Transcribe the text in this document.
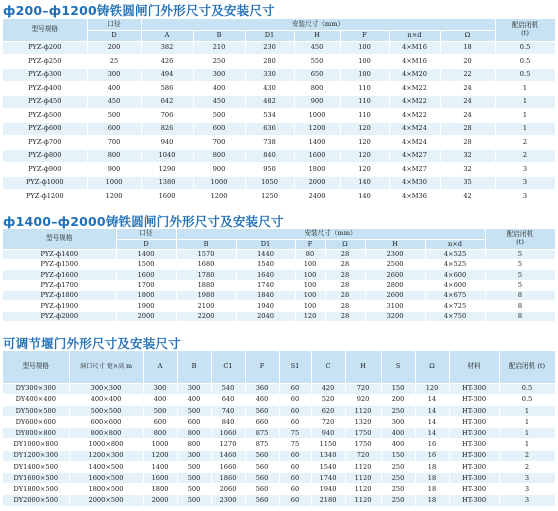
ф200–ф1200铸铁圆闸门外形尺寸及安装尺寸
型号规格	口径	安装尺寸（mm）							配启闭机
(t)
	D	A	B	D1	H	F	n×d	Ω	
PYZ-ф200	200	382	210	230	450	100	4×M16	18	0.5
PYZ-ф250	25	426	250	280	550	100	4×M16	20	0.5
PYZ-ф300	300	494	300	330	650	100	4×M20	22	0.5
PYZ-ф400	400	586	400	430	800	110	4×M22	24	1
PYZ-ф450	450	642	450	482	900	110	4×M22	24	1
PYZ-ф500	500	706	500	534	1000	110	4×M22	24	1
PYZ-ф600	600	826	600	636	1200	120	4×M24	28	1
PYZ-ф700	700	940	700	738	1400	120	4×M24	28	2
PYZ-ф800	800	1040	800	840	1600	120	4×M27	32	2
PYZ-ф900	900	1290	900	950	1800	120	4×M27	32	3
PYZ-ф1000	1000	1380	1000	1050	2000	140	4×M30	35	3
PYZ-ф1200	1200	1600	1200	1250	2400	140	4×M36	42	3
ф1400–ф2000铸铁圆闸门外形尺寸及安装尺寸
型号规格	口径	安装尺寸（mm）						配启闭机
(t)
	D	B	D1	F	Ω	H	n×d	
PYZ-ф1400	1400	1570	1440	80	28	2300	4×525	5
PYZ-ф1500	1500	1680	1540	100	28	2500	4×525	5
PYZ-ф1600	1600	1780	1640	100	28	2600	4×600	5
PYZ-ф1700	1700	1880	1740	100	28	2800	4×600	5
PYZ-ф1800	1800	1980	1840	100	28	2600	4×675	8
PYZ-ф1900	1900	2100	1940	100	28	3100	4×725	8
PYZ-ф2000	2000	2200	2040	120	28	3200	4×750	8
可调节堰门外形尺寸及安装尺寸
型号规格	洞口尺寸 宽×高 m	A	B	C1	F	S1	C	H	S	Ω	材料	配启闭机 (t)
DY300×300	300×300	300	300	540	360	60	420	720	150	120	HT-300	0.5
DY400×400	400×400	400	400	640	460	60	520	920	200	14	HT-300	0.5
DY500×500	500×500	500	500	740	560	60	620	1120	250	14	HT-300	1
DY600×600	600×600	600	600	840	660	60	720	1320	300	14	HT-300	1
DY800×800	800×800	800	800	1060	875	75	940	1750	400	14	HT-300	1
DY1000×800	1000×800	1000	800	1270	875	75	1150	1750	400	16	HT-300	1
DY1200×300	1200×300	1200	300	1460	560	60	1340	720	150	16	HT-300	2
DY1400×500	1400×500	1400	500	1660	560	60	1540	1120	250	18	HT-300	2
DY1600×500	1600×500	1600	500	1860	560	60	1740	1120	250	18	HT-300	3
DY1800×500	1800×500	1800	500	2060	560	60	1940	1120	250	18	HT-300	3
DY2000×500	2000×500	2000	500	2300	560	60	2180	1120	250	18	HT-300	3
